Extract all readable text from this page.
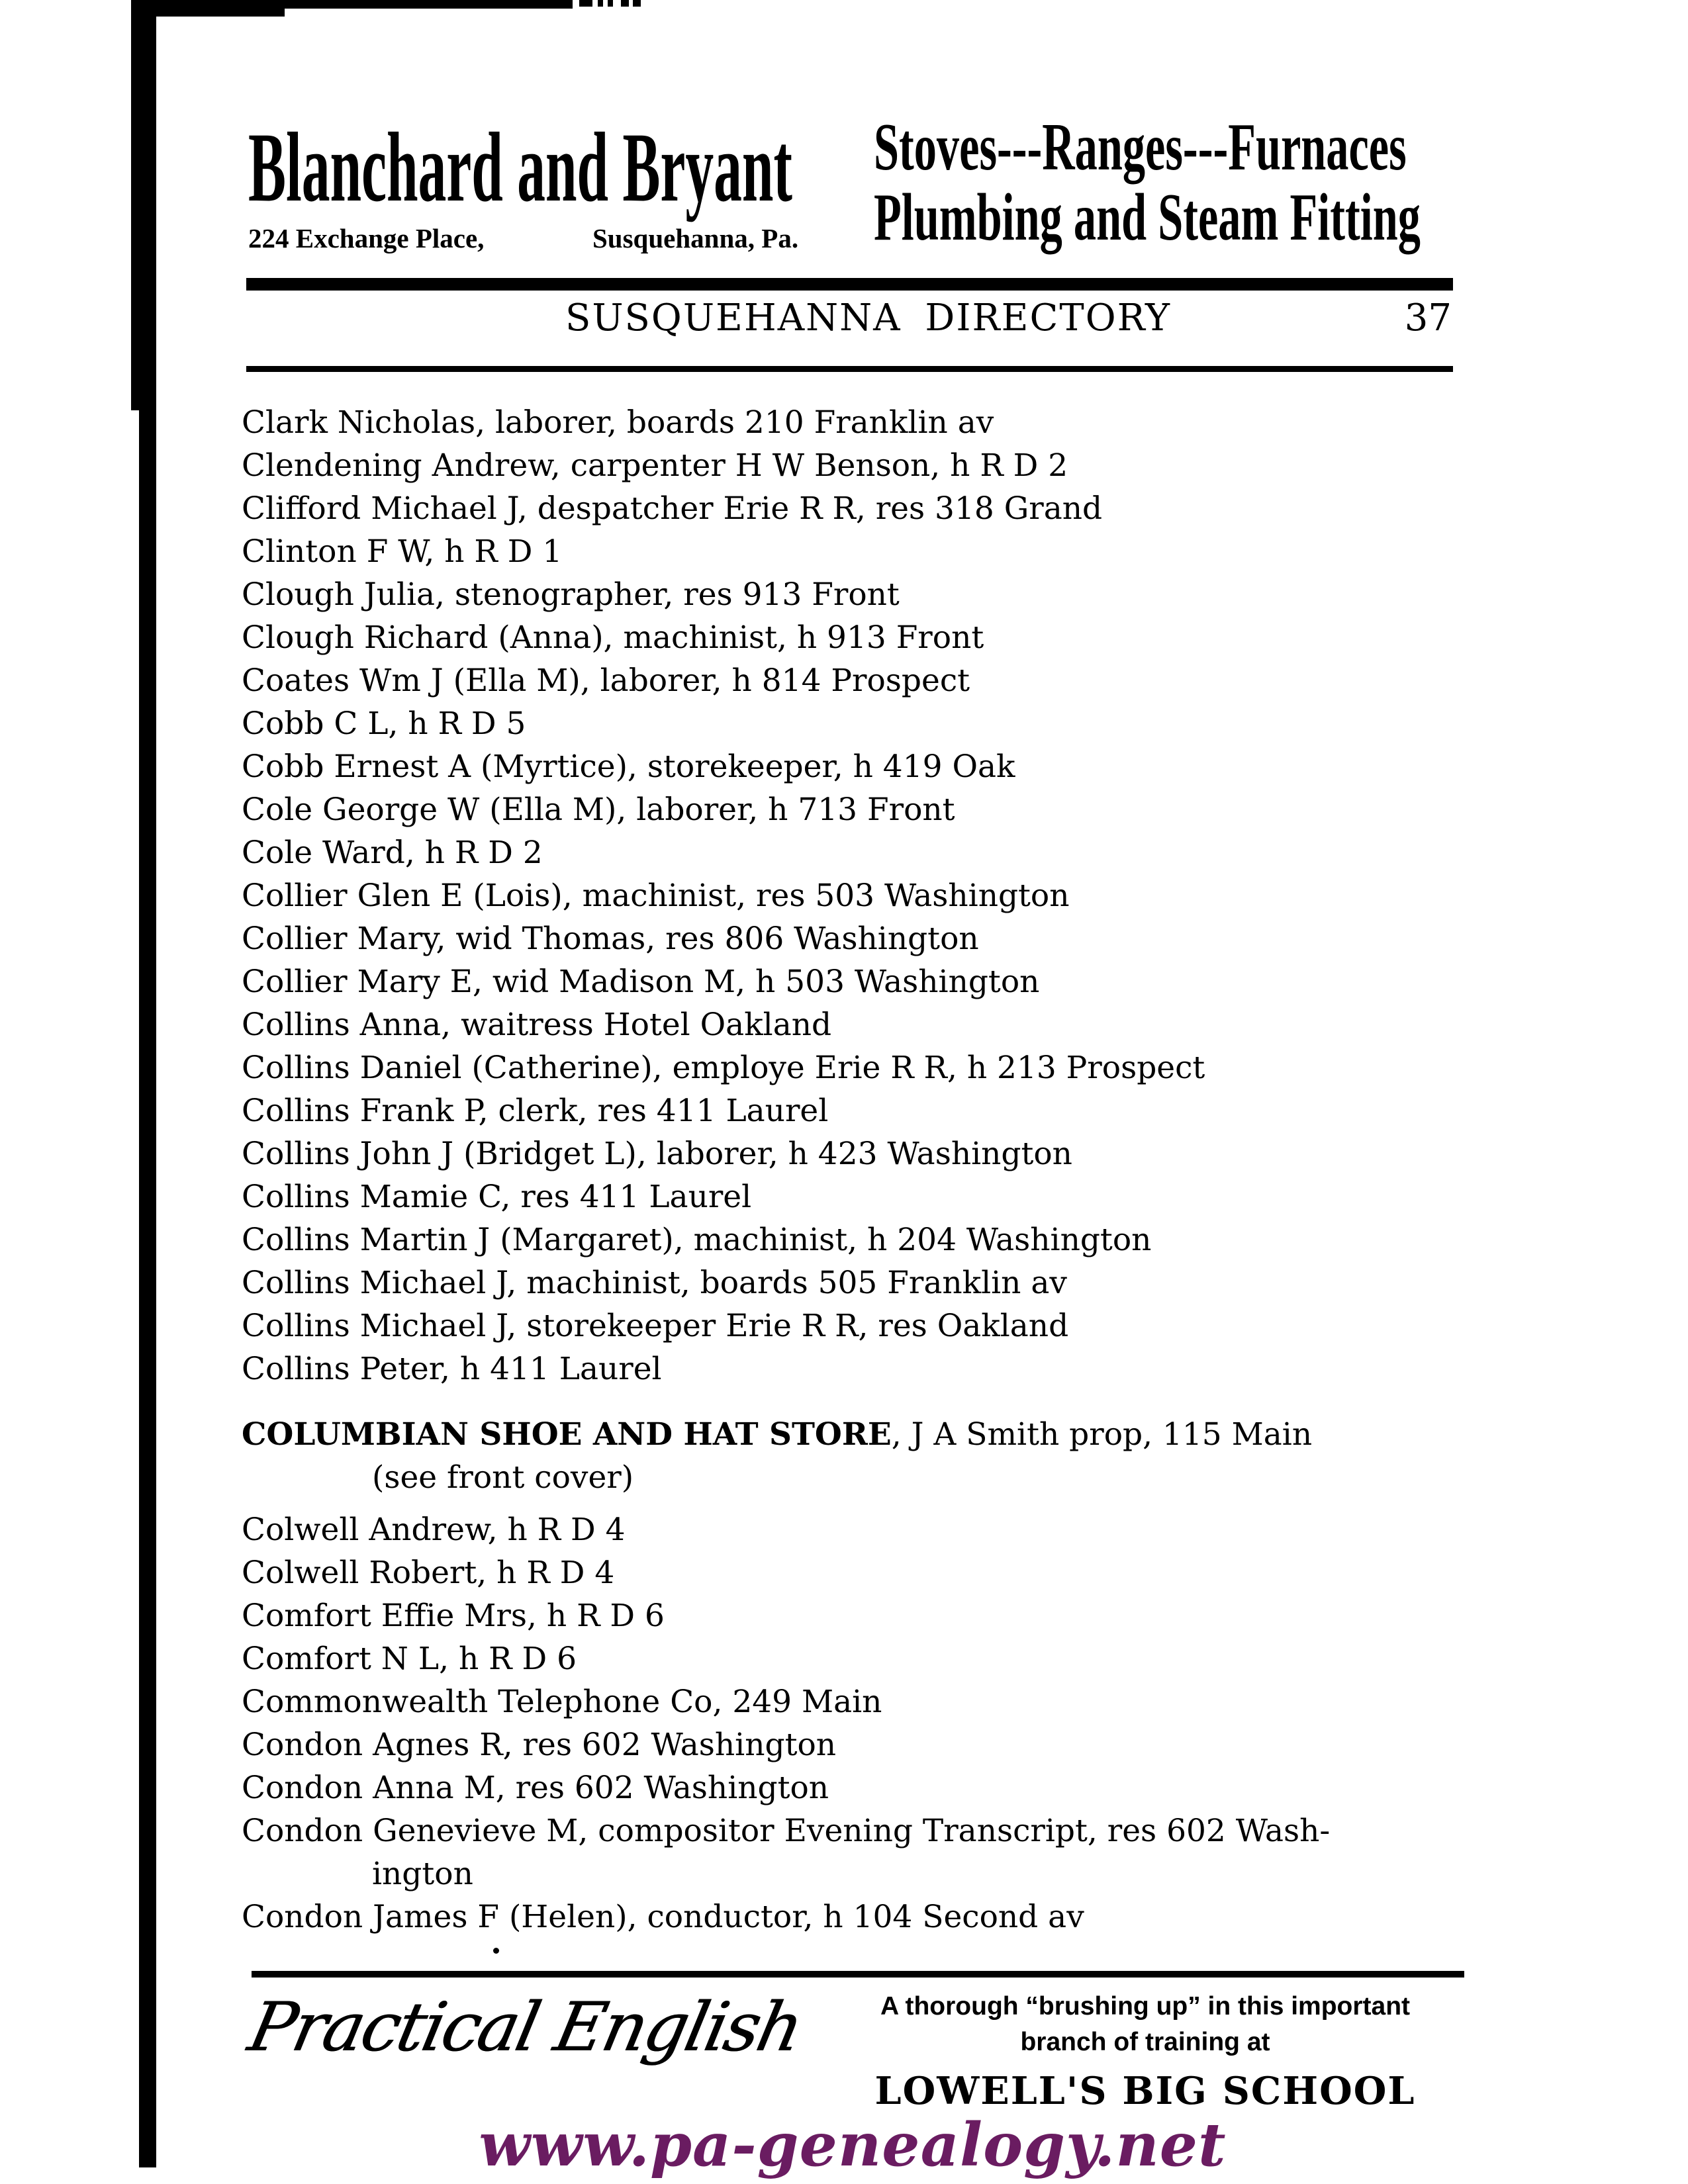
Blanchard and Bryant
224 Exchange Place,	Susquehanna, Pa.
Stoves---Ranges---Furnaces
Plumbing and Steam Fitting
SUSQUEHANNA DIRECTORY	37

Clark Nicholas, laborer, boards 210 Franklin av

Clendening Andrew, carpenter H W Benson, h R D 2

Clifford Michael J, despatcher Erie R R, res 318 Grand

Clinton F W, h R D 1

Clough Julia, stenographer, res 913 Front

Clough Richard (Anna), machinist, h 913 Front

Coates Wm J (Ella M), laborer, h 814 Prospect

Cobb C L, h R D 5

Cobb Ernest A (Myrtice), storekeeper, h 419 Oak

Cole George W (Ella M), laborer, h 713 Front

Cole Ward, h R D 2

Collier Glen E (Lois), machinist, res 503 Washington

Collier Mary, wid Thomas, res 806 Washington

Collier Mary E, wid Madison M, h 503 Washington

Collins Anna, waitress Hotel Oakland

Collins Daniel (Catherine), employe Erie R R, h 213 Prospect

Collins Frank P, clerk, res 411 Laurel

Collins John J (Bridget L), laborer, h 423 Washington

Collins Mamie C, res 411 Laurel

Collins Martin J (Margaret), machinist, h 204 Washington

Collins Michael J, machinist, boards 505 Franklin av

Collins Michael J, storekeeper Erie R R, res Oakland

Collins Peter, h 411 Laurel

COLUMBIAN SHOE AND HAT STORE, J A Smith prop, 115 Main
(see front cover)

Colwell Andrew, h R D 4

Colwell Robert, h R D 4

Comfort Effie Mrs, h R D 6

Comfort N L, h R D 6

Commonwealth Telephone Co, 249 Main

Condon Agnes R, res 602 Washington

Condon Anna M, res 602 Washington

Condon Genevieve M, compositor Evening Transcript, res 602 Wash-
ington

Condon James F (Helen), conductor, h 104 Second av

Practical English	A thorough “brushing up” in this important
branch of training at
LOWELL'S BIG SCHOOL
www.pa-genealogy.net
